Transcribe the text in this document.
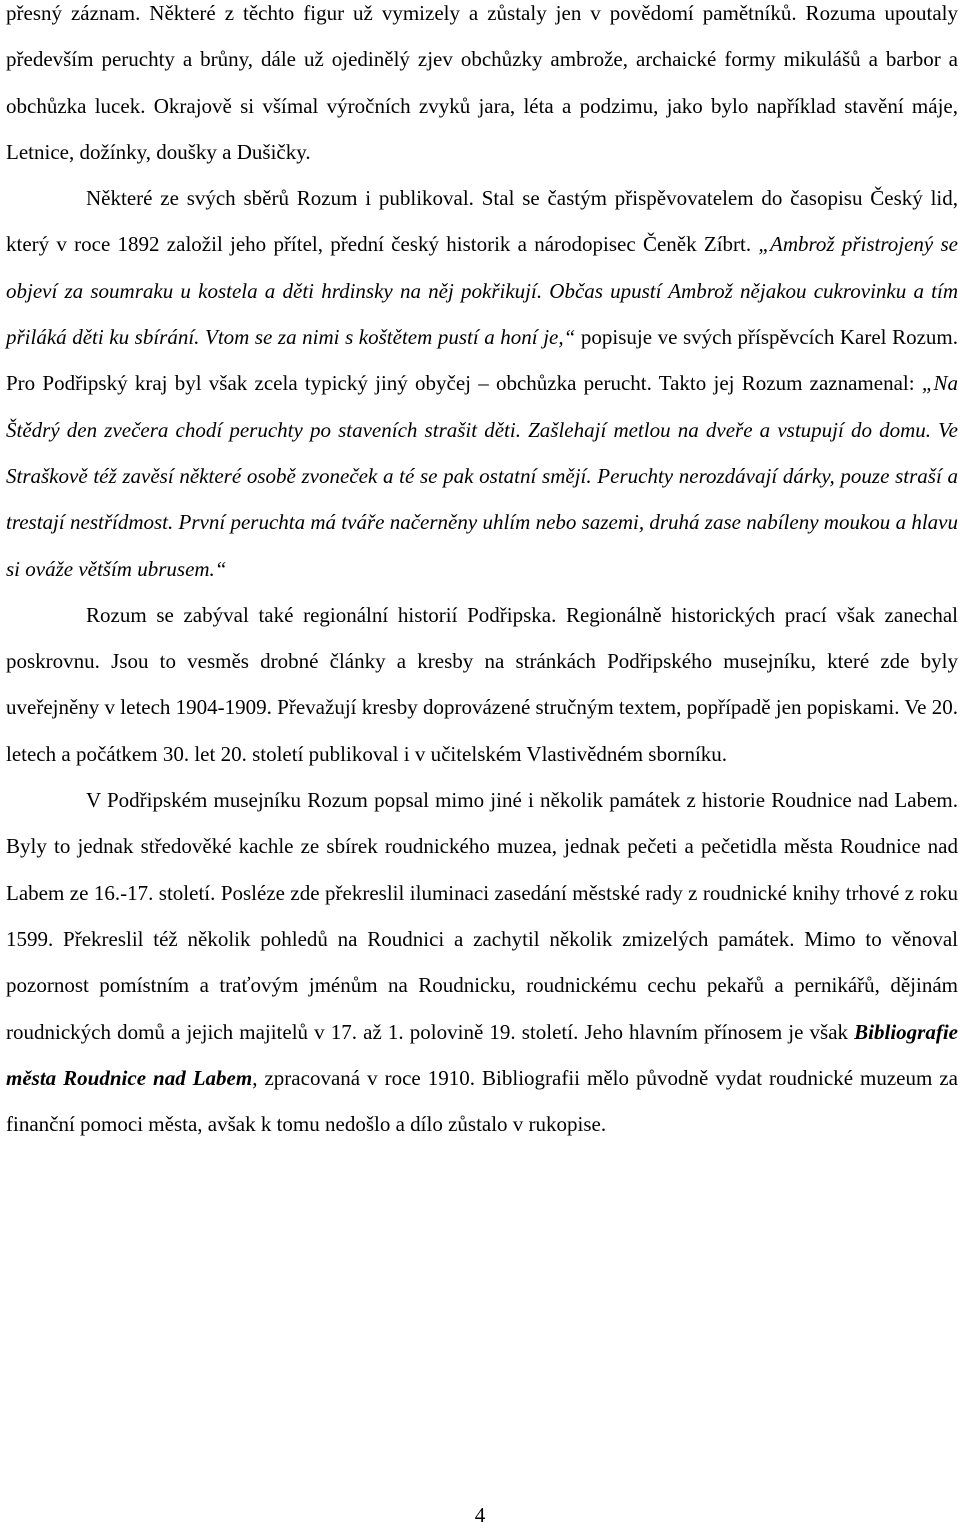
přesný záznam. Některé z těchto figur už vymizely a zůstaly jen v povědomí pamětníků. Rozuma upoutaly především peruchty a brůny, dále už ojedinělý zjev obchůzky ambrože, archaické formy mikulášů a barbor a obchůzka lucek. Okrajově si všímal výročních zvyků jara, léta a podzimu, jako bylo například stavění máje, Letnice, dožínky, doušky a Dušičky.

Některé ze svých sběrů Rozum i publikoval. Stal se častým přispěvovatelem do časopisu Český lid, který v roce 1892 založil jeho přítel, přední český historik a národopisec Čeněk Zíbrt. „Ambrož přistrojený se objeví za soumraku u kostela a děti hrdinsky na něj pokřikují. Občas upustí Ambrož nějakou cukrovinku a tím přiláká děti ku sbírání. Vtom se za nimi s koštětem pustí a honí je,“ popisuje ve svých příspěvcích Karel Rozum. Pro Podřipský kraj byl však zcela typický jiný obyčej – obchůzka perucht. Takto jej Rozum zaznamenal: „Na Štědrý den zvečera chodí peruchty po staveních strašit děti. Zašlehají metlou na dveře a vstupují do domu. Ve Straškově též zavěsí některé osobě zvoneček a té se pak ostatní smějí. Peruchty nerozdávají dárky, pouze straší a trestají nestřídmost. První peruchta má tváře načerněny uhlím nebo sazemi, druhá zase nabíleny moukou a hlavu si ováže větším ubrusem.“

Rozum se zabýval také regionální historií Podřipska. Regionálně historických prací však zanechal poskrovnu. Jsou to vesměs drobné články a kresby na stránkách Podřipského musejníku, které zde byly uveřejněny v letech 1904-1909. Převažují kresby doprovázené stručným textem, popřípadě jen popiskami. Ve 20. letech a počátkem 30. let 20. století publikoval i v učitelském Vlastivědném sborníku.

V Podřipském musejníku Rozum popsal mimo jiné i několik památek z historie Roudnice nad Labem. Byly to jednak středověké kachle ze sbírek roudnického muzea, jednak pečeti a pečetidla města Roudnice nad Labem ze 16.-17. století. Posléze zde překreslil iluminaci zasedání městské rady z roudnické knihy trhové z roku 1599. Překreslil též několik pohledů na Roudnici a zachytil několik zmizelých památek. Mimo to věnoval pozornost pomístním a traťovým jménům na Roudnicku, roudnickému cechu pekařů a pernikářů, dějinám roudnických domů a jejich majitelů v 17. až 1. polovině 19. století. Jeho hlavním přínosem je však Bibliografie města Roudnice nad Labem, zpracovaná v roce 1910. Bibliografii mělo původně vydat roudnické muzeum za finanční pomoci města, avšak k tomu nedošlo a dílo zůstalo v rukopise.

4
